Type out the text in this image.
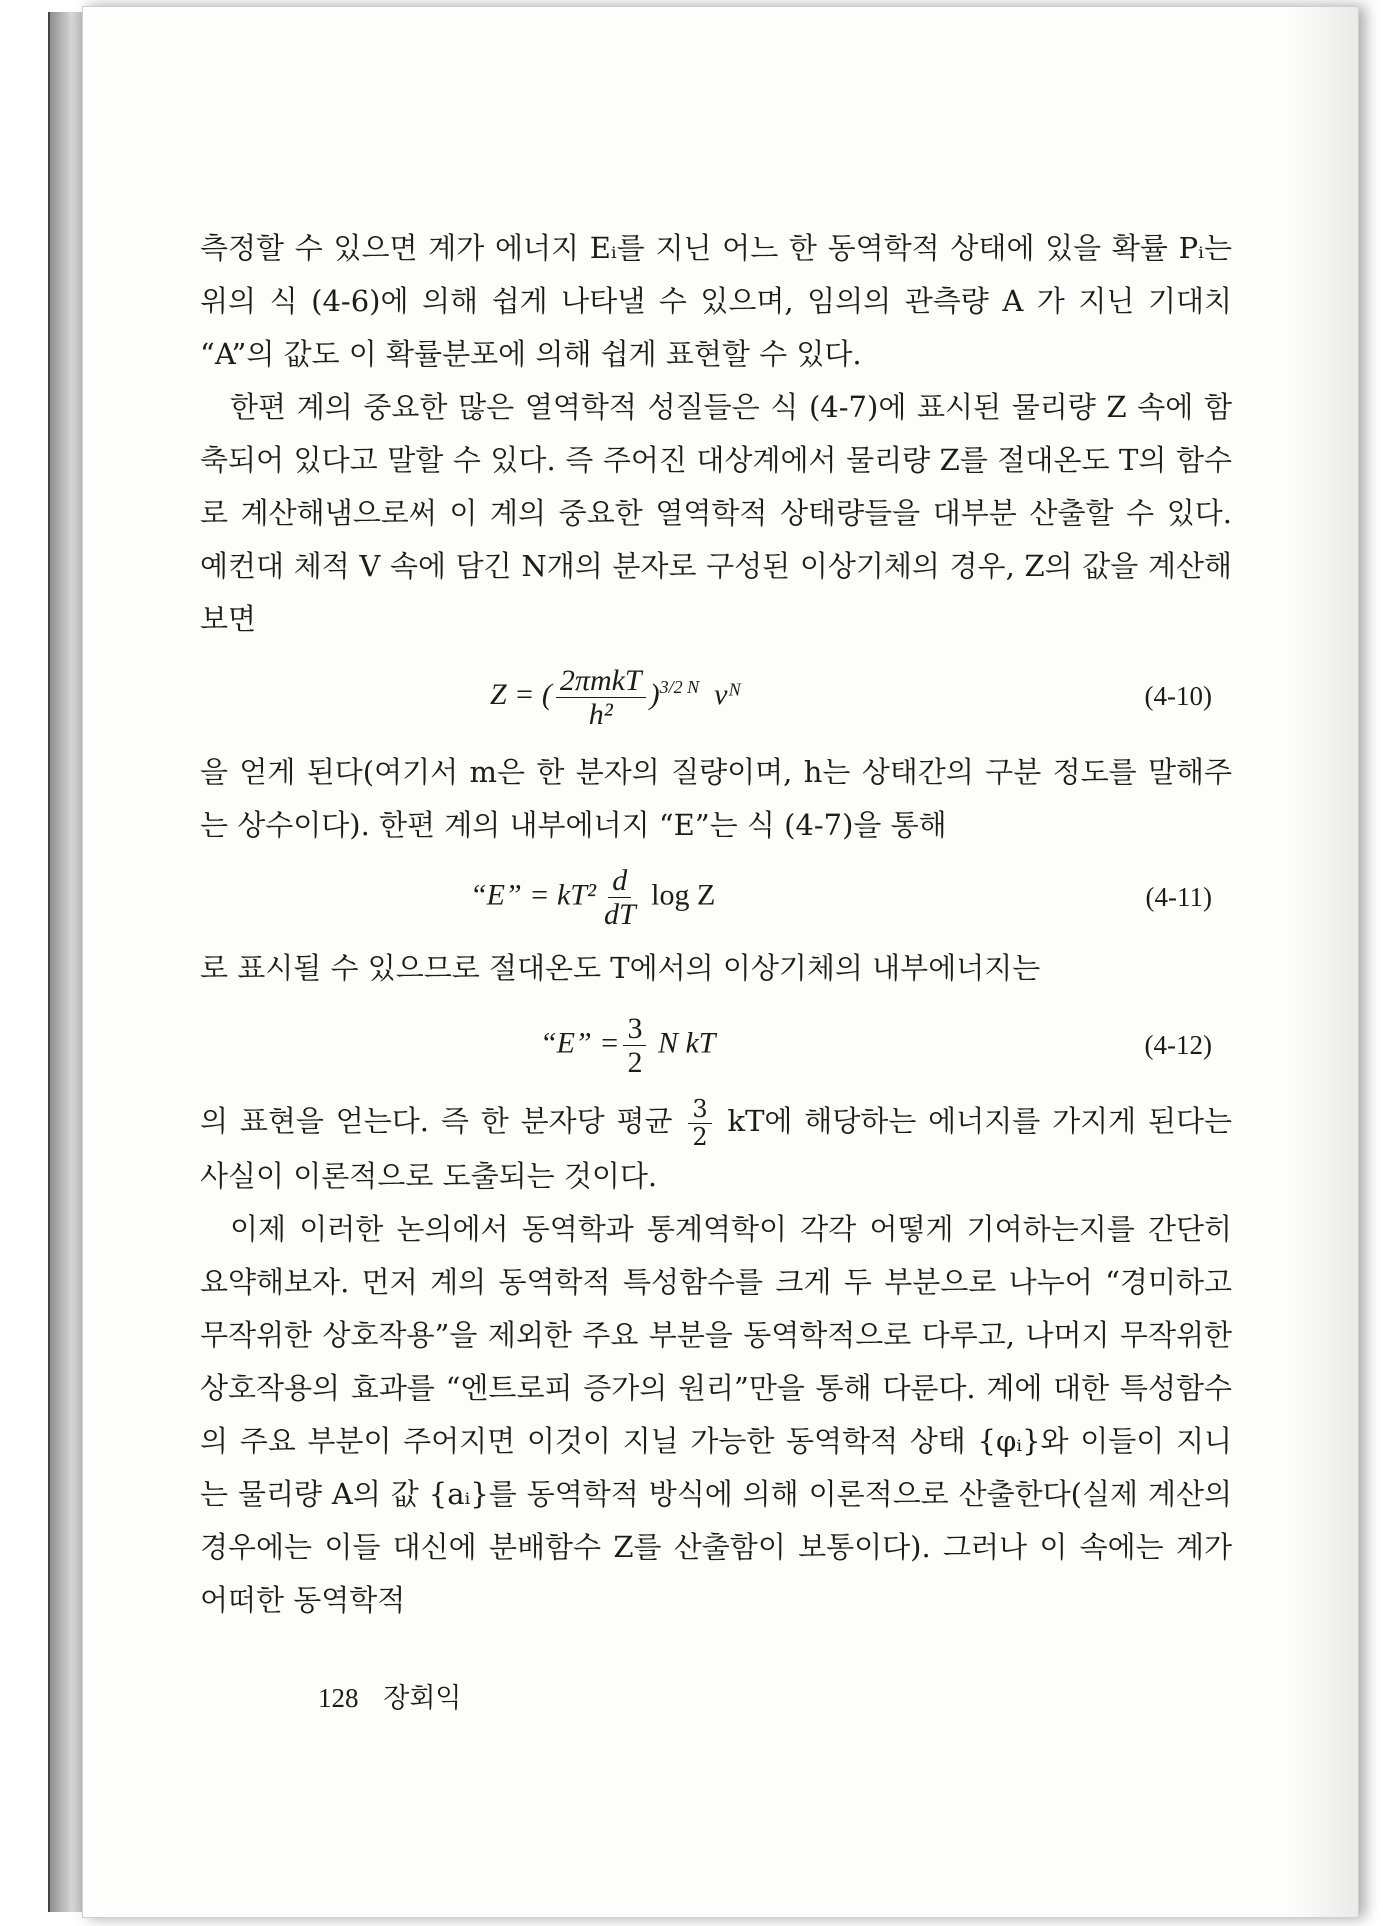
측정할 수 있으면 계가 에너지 Eᵢ를 지닌 어느 한 동역학적 상태에 있을 확률 Pᵢ는 위의 식 (4-6)에 의해 쉽게 나타낼 수 있으며, 임의의 관측량 A 가 지닌 기대치 “A”의 값도 이 확률분포에 의해 쉽게 표현할 수 있다.

한편 계의 중요한 많은 열역학적 성질들은 식 (4-7)에 표시된 물리량 Z 속에 함축되어 있다고 말할 수 있다. 즉 주어진 대상계에서 물리량 Z를 절대온도 T의 함수로 계산해냄으로써 이 계의 중요한 열역학적 상태량들을 대부분 산출할 수 있다. 예컨대 체적 V 속에 담긴 N개의 분자로 구성된 이상기체의 경우, Z의 값을 계산해 보면

Z = ( $\frac{\text{2πmkT}}{\text{h²}} )^{3/2 N}$ vᴺ	(4-10)

을 얻게 된다(여기서 m은 한 분자의 질량이며, h는 상태간의 구분 정도를 말해주는 상수이다). 한편 계의 내부에너지 “E”는 식 (4-7)을 통해

“E” = $kT^2 \frac{d}{dT}$ log Z	(4-11)

로 표시될 수 있으므로 절대온도 T에서의 이상기체의 내부에너지는

“E” = $\frac{3}{2}$ N kT	(4-12)

의 표현을 얻는다. 즉 한 분자당 평균 $\frac{3}{2}$ kT에 해당하는 에너지를 가지게 된다는 사실이 이론적으로 도출되는 것이다.

이제 이러한 논의에서 동역학과 통계역학이 각각 어떻게 기여하는지를 간단히 요약해보자. 먼저 계의 동역학적 특성함수를 크게 두 부분으로 나누어 “경미하고 무작위한 상호작용”을 제외한 주요 부분을 동역학적으로 다루고, 나머지 무작위한 상호작용의 효과를 “엔트로피 증가의 원리”만을 통해 다룬다. 계에 대한 특성함수의 주요 부분이 주어지면 이것이 지닐 가능한 동역학적 상태 {φᵢ}와 이들이 지니는 물리량 A의 값 {aᵢ}를 동역학적 방식에 의해 이론적으로 산출한다(실제 계산의 경우에는 이들 대신에 분배함수 Z를 산출함이 보통이다). 그러나 이 속에는 계가 어떠한 동역학적

128 장회익
